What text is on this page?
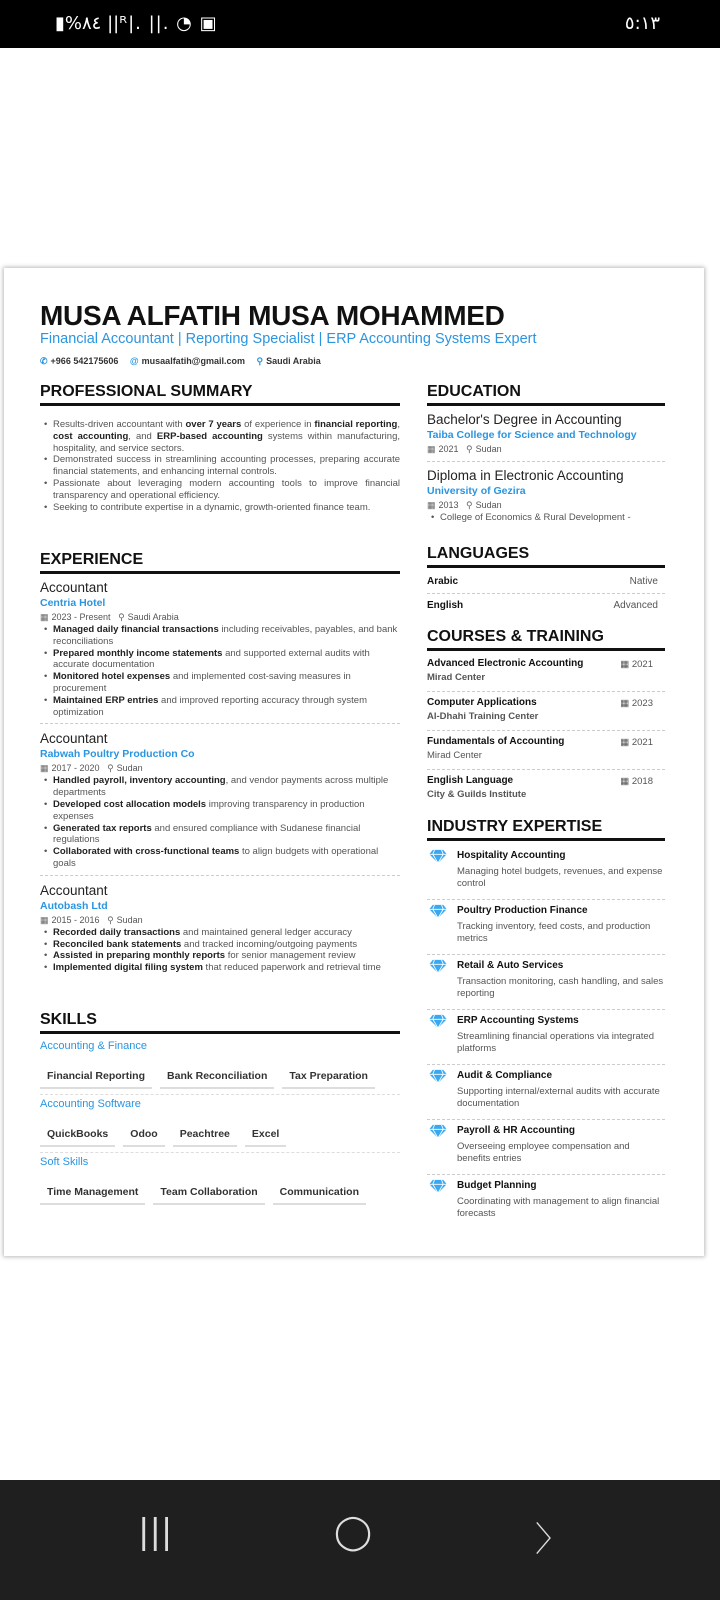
▮%٨٤ ||ᴿ|. ||. ◔ ▣	٥:١٣
MUSA ALFATIH MUSA MOHAMMED
Financial Accountant | Reporting Specialist | ERP Accounting Systems Expert
✆ +966 542175606 @ musaalfatih@gmail.com ⚲ Saudi Arabia
PROFESSIONAL SUMMARY
• Results-driven accountant with over 7 years of experience in financial reporting, cost accounting, and ERP-based accounting systems within manufacturing, hospitality, and service sectors.
• Demonstrated success in streamlining accounting processes, preparing accurate financial statements, and enhancing internal controls.
• Passionate about leveraging modern accounting tools to improve financial transparency and operational efficiency.
• Seeking to contribute expertise in a dynamic, growth-oriented finance team.
EXPERIENCE
Accountant
Centria Hotel
▦ 2023 - Present   ⚲ Saudi Arabia
• Managed daily financial transactions including receivables, payables, and bank reconciliations
• Prepared monthly income statements and supported external audits with accurate documentation
• Monitored hotel expenses and implemented cost-saving measures in procurement
• Maintained ERP entries and improved reporting accuracy through system optimization
Accountant
Rabwah Poultry Production Co
▦ 2017 - 2020   ⚲ Sudan
• Handled payroll, inventory accounting, and vendor payments across multiple departments
• Developed cost allocation models improving transparency in production expenses
• Generated tax reports and ensured compliance with Sudanese financial regulations
• Collaborated with cross-functional teams to align budgets with operational goals
Accountant
Autobash Ltd
▦ 2015 - 2016   ⚲ Sudan
• Recorded daily transactions and maintained general ledger accuracy
• Reconciled bank statements and tracked incoming/outgoing payments
• Assisted in preparing monthly reports for senior management review
• Implemented digital filing system that reduced paperwork and retrieval time
SKILLS
Accounting & Finance
Financial Reporting	Bank Reconciliation	Tax Preparation
Accounting Software
QuickBooks	Odoo	Peachtree	Excel
Soft Skills
Time Management	Team Collaboration	Communication
EDUCATION
Bachelor's Degree in Accounting
Taiba College for Science and Technology
▦ 2021   ⚲ Sudan
Diploma in Electronic Accounting
University of Gezira
▦ 2013   ⚲ Sudan
• College of Economics & Rural Development -
LANGUAGES
Arabic	Native
English	Advanced
COURSES & TRAINING
Advanced Electronic Accounting
Mirad Center
▦ 2021
Computer Applications
Al-Dhahi Training Center
▦ 2023
Fundamentals of Accounting
Mirad Center
▦ 2021
English Language
City & Guilds Institute
▦ 2018
INDUSTRY EXPERTISE
Hospitality Accounting
Managing hotel budgets, revenues, and expense control
Poultry Production Finance
Tracking inventory, feed costs, and production metrics
Retail & Auto Services
Transaction monitoring, cash handling, and sales reporting
ERP Accounting Systems
Streamlining financial operations via integrated platforms
Audit & Compliance
Supporting internal/external audits with accurate documentation
Payroll & HR Accounting
Overseeing employee compensation and benefits entries
Budget Planning
Coordinating with management to align financial forecasts
|||	◯	〉
